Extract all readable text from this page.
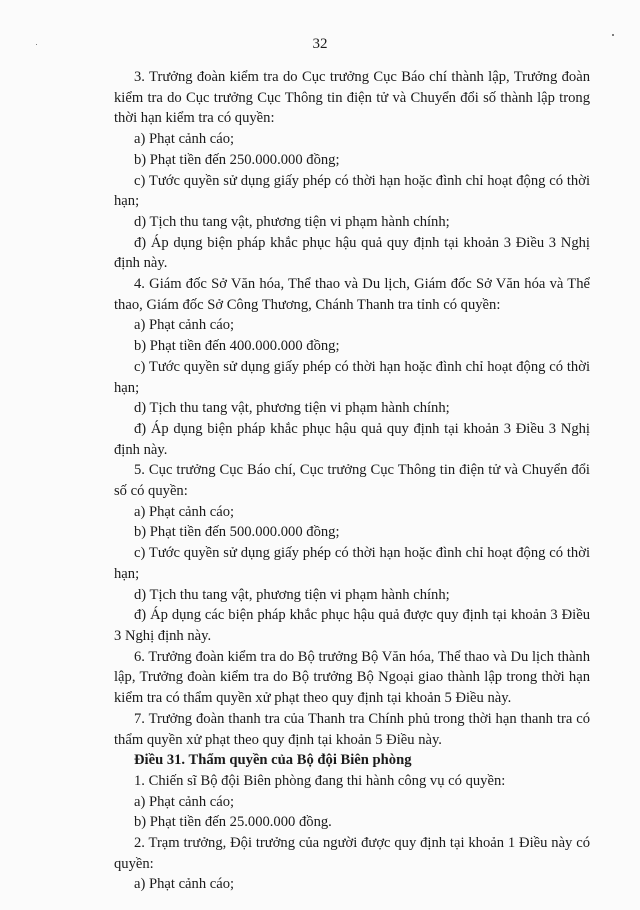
32

3. Trưởng đoàn kiểm tra do Cục trưởng Cục Báo chí thành lập, Trưởng đoàn kiểm tra do Cục trưởng Cục Thông tin điện tử và Chuyển đổi số thành lập trong thời hạn kiểm tra có quyền:

a) Phạt cảnh cáo;

b) Phạt tiền đến 250.000.000 đồng;

c) Tước quyền sử dụng giấy phép có thời hạn hoặc đình chỉ hoạt động có thời hạn;

d) Tịch thu tang vật, phương tiện vi phạm hành chính;

đ) Áp dụng biện pháp khắc phục hậu quả quy định tại khoản 3 Điều 3 Nghị định này.

4. Giám đốc Sở Văn hóa, Thể thao và Du lịch, Giám đốc Sở Văn hóa và Thể thao, Giám đốc Sở Công Thương, Chánh Thanh tra tỉnh có quyền:

a) Phạt cảnh cáo;

b) Phạt tiền đến 400.000.000 đồng;

c) Tước quyền sử dụng giấy phép có thời hạn hoặc đình chỉ hoạt động có thời hạn;

d) Tịch thu tang vật, phương tiện vi phạm hành chính;

đ) Áp dụng biện pháp khắc phục hậu quả quy định tại khoản 3 Điều 3 Nghị định này.

5. Cục trưởng Cục Báo chí, Cục trưởng Cục Thông tin điện tử và Chuyển đổi số có quyền:

a) Phạt cảnh cáo;

b) Phạt tiền đến 500.000.000 đồng;

c) Tước quyền sử dụng giấy phép có thời hạn hoặc đình chỉ hoạt động có thời hạn;

d) Tịch thu tang vật, phương tiện vi phạm hành chính;

đ) Áp dụng các biện pháp khắc phục hậu quả được quy định tại khoản 3 Điều 3 Nghị định này.

6. Trưởng đoàn kiểm tra do Bộ trưởng Bộ Văn hóa, Thể thao và Du lịch thành lập, Trưởng đoàn kiểm tra do Bộ trưởng Bộ Ngoại giao thành lập trong thời hạn kiểm tra có thẩm quyền xử phạt theo quy định tại khoản 5 Điều này.

7. Trưởng đoàn thanh tra của Thanh tra Chính phủ trong thời hạn thanh tra có thẩm quyền xử phạt theo quy định tại khoản 5 Điều này.

Điều 31. Thẩm quyền của Bộ đội Biên phòng

1. Chiến sĩ Bộ đội Biên phòng đang thi hành công vụ có quyền:

a) Phạt cảnh cáo;

b) Phạt tiền đến 25.000.000 đồng.

2. Trạm trưởng, Đội trưởng của người được quy định tại khoản 1 Điều này có quyền:

a) Phạt cảnh cáo;
